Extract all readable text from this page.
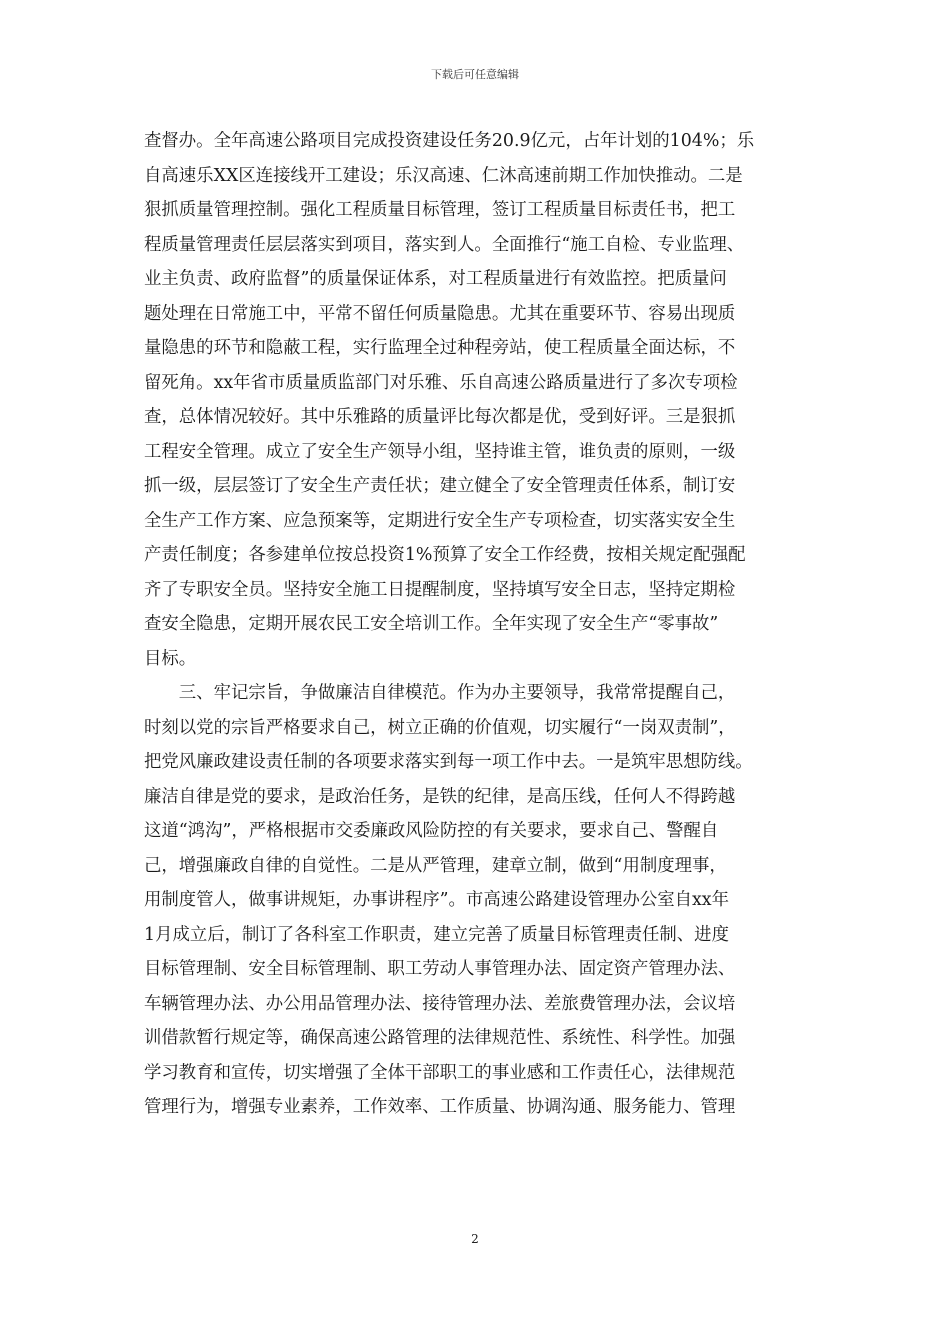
下载后可任意编辑
查督办。全年高速公路项目完成投资建设任务20.9亿元，占年计划的104%；乐
自高速乐XX区连接线开工建设；乐汉高速、仁沐高速前期工作加快推动。二是
狠抓质量管理控制。强化工程质量目标管理，签订工程质量目标责任书，把工
程质量管理责任层层落实到项目，落实到人。全面推行“施工自检、专业监理、
业主负责、政府监督”的质量保证体系，对工程质量进行有效监控。把质量问
题处理在日常施工中，平常不留任何质量隐患。尤其在重要环节、容易出现质
量隐患的环节和隐蔽工程，实行监理全过种程旁站，使工程质量全面达标，不
留死角。xx年省市质量质监部门对乐雅、乐自高速公路质量进行了多次专项检
查，总体情况较好。其中乐雅路的质量评比每次都是优，受到好评。三是狠抓
工程安全管理。成立了安全生产领导小组，坚持谁主管，谁负责的原则，一级
抓一级，层层签订了安全生产责任状；建立健全了安全管理责任体系，制订安
全生产工作方案、应急预案等，定期进行安全生产专项检查，切实落实安全生
产责任制度；各参建单位按总投资1%预算了安全工作经费，按相关规定配强配
齐了专职安全员。坚持安全施工日提醒制度，坚持填写安全日志，坚持定期检
查安全隐患，定期开展农民工安全培训工作。全年实现了安全生产“零事故”
目标。
　　三、牢记宗旨，争做廉洁自律模范。作为办主要领导，我常常提醒自己，
时刻以党的宗旨严格要求自己，树立正确的价值观，切实履行“一岗双责制”，
把党风廉政建设责任制的各项要求落实到每一项工作中去。一是筑牢思想防线。
廉洁自律是党的要求，是政治任务，是铁的纪律，是高压线，任何人不得跨越
这道“鸿沟”，严格根据市交委廉政风险防控的有关要求，要求自己、警醒自
己，增强廉政自律的自觉性。二是从严管理，建章立制，做到“用制度理事，
用制度管人，做事讲规矩，办事讲程序”。市高速公路建设管理办公室自xx年
1月成立后，制订了各科室工作职责，建立完善了质量目标管理责任制、进度
目标管理制、安全目标管理制、职工劳动人事管理办法、固定资产管理办法、
车辆管理办法、办公用品管理办法、接待管理办法、差旅费管理办法，会议培
训借款暂行规定等，确保高速公路管理的法律规范性、系统性、科学性。加强
学习教育和宣传，切实增强了全体干部职工的事业感和工作责任心，法律规范
管理行为，增强专业素养，工作效率、工作质量、协调沟通、服务能力、管理
2
